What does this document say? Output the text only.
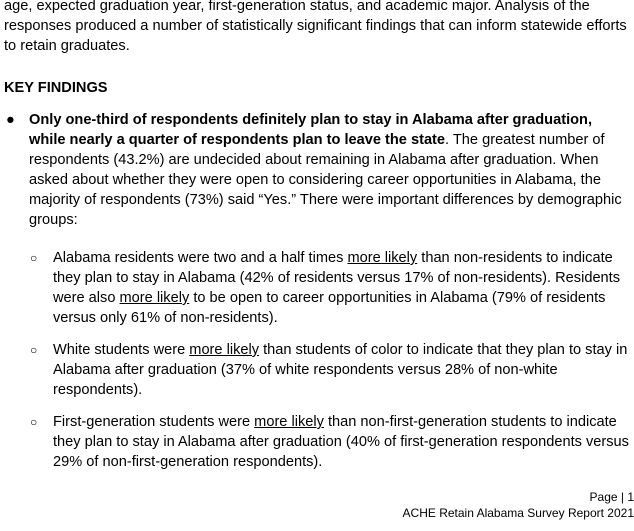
age, expected graduation year, first-generation status, and academic major. Analysis of the responses produced a number of statistically significant findings that can inform statewide efforts to retain graduates.
KEY FINDINGS
● Only one-third of respondents definitely plan to stay in Alabama after graduation, while nearly a quarter of respondents plan to leave the state. The greatest number of respondents (43.2%) are undecided about remaining in Alabama after graduation. When asked about whether they were open to considering career opportunities in Alabama, the majority of respondents (73%) said “Yes.” There were important differences by demographic groups:
○ Alabama residents were two and a half times more likely than non-residents to indicate they plan to stay in Alabama (42% of residents versus 17% of non-residents). Residents were also more likely to be open to career opportunities in Alabama (79% of residents versus only 61% of non-residents).
○ White students were more likely than students of color to indicate that they plan to stay in Alabama after graduation (37% of white respondents versus 28% of non-white respondents).
○ First-generation students were more likely than non-first-generation students to indicate they plan to stay in Alabama after graduation (40% of first-generation respondents versus 29% of non-first-generation respondents).
Page | 1
ACHE Retain Alabama Survey Report 2021
